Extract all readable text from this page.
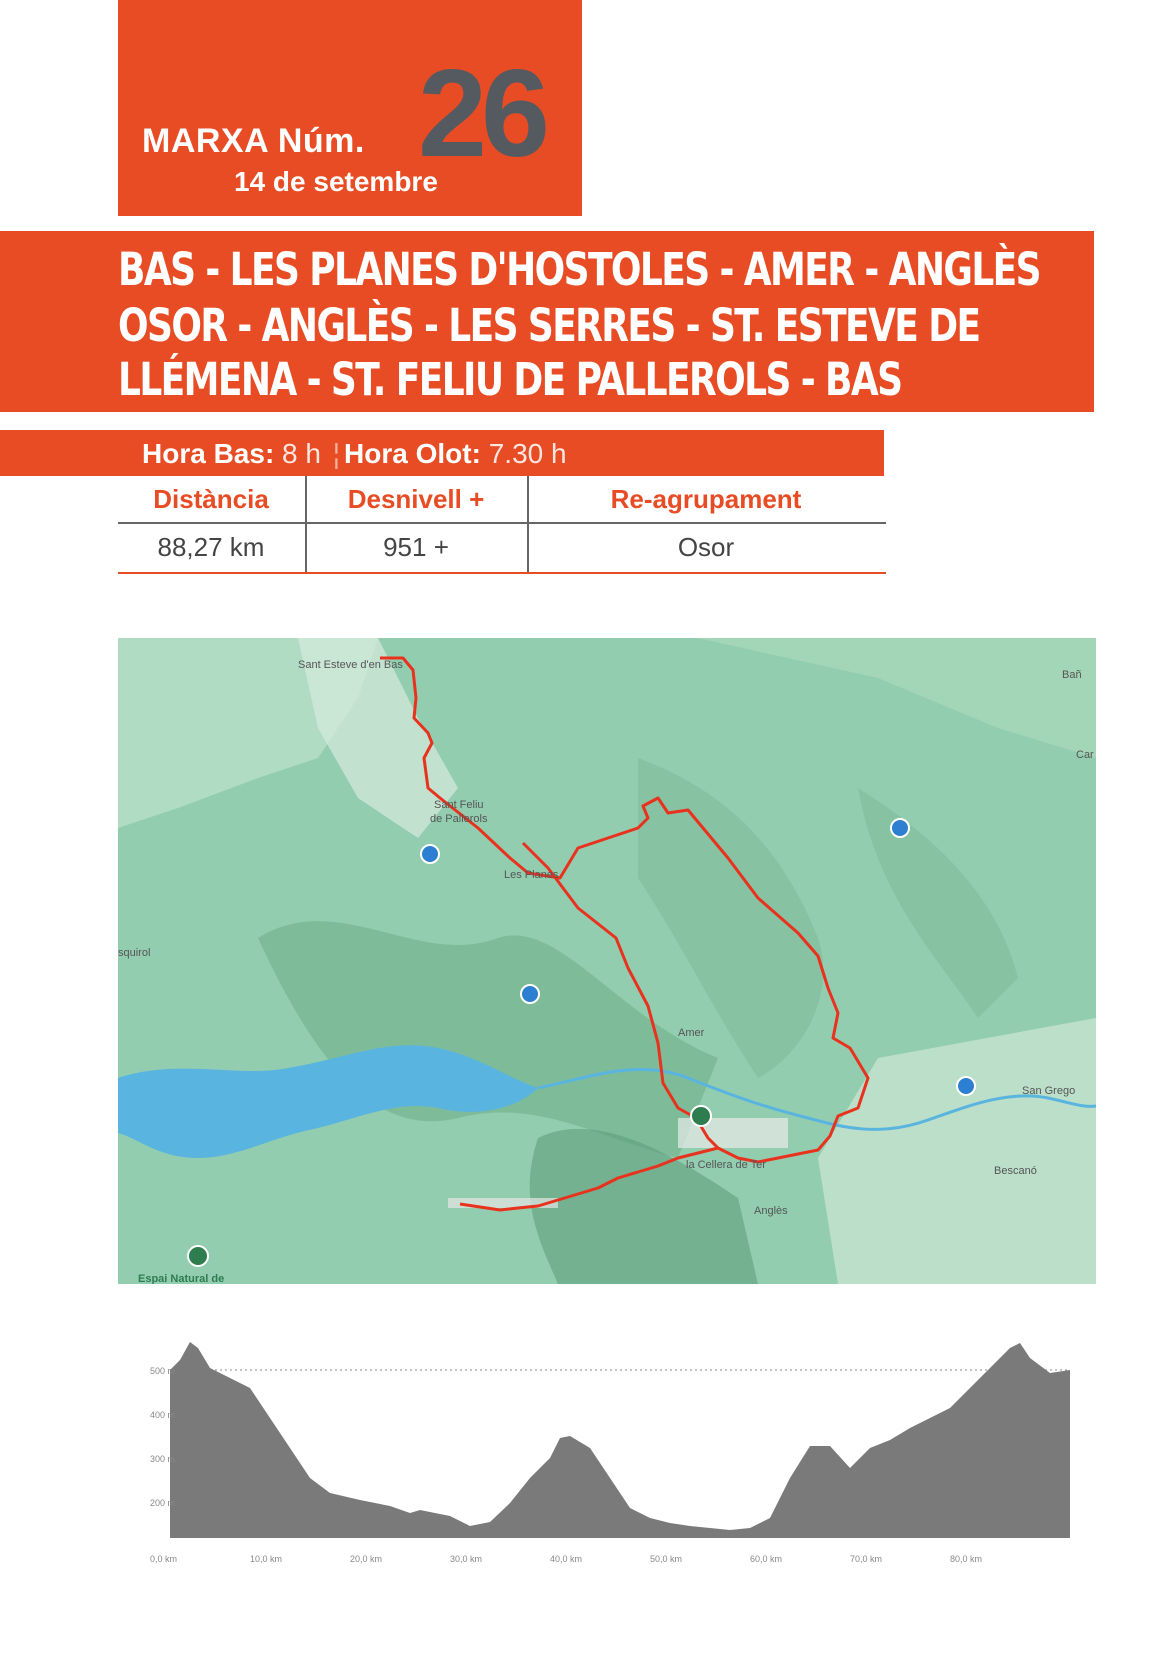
26
MARXA Núm.
14 de setembre
BAS - LES PLANES D'HOSTOLES - AMER - ANGLÈS
OSOR - ANGLÈS - LES SERRES - ST. ESTEVE DE
LLÉMENA - ST. FELIU DE PALLEROLS - BAS
Hora Bas: 8 h ¦ Hora Olot: 7.30 h
Distància	Desnivell +	Re-agrupament
88,27 km	951 +	Osor
Sant Esteve d'en Bas
Sant Feliu
de Pallerols
Les Planes
Amer
la Cellera de Ter
Anglès
San Grego
Bescanó
Bañ
Car
squirol
Espai Natural de
500 m
400 m
300 m
200 m
0,0 km	10,0 km	20,0 km	30,0 km	40,0 km	50,0 km	60,0 km	70,0 km	80,0 km
